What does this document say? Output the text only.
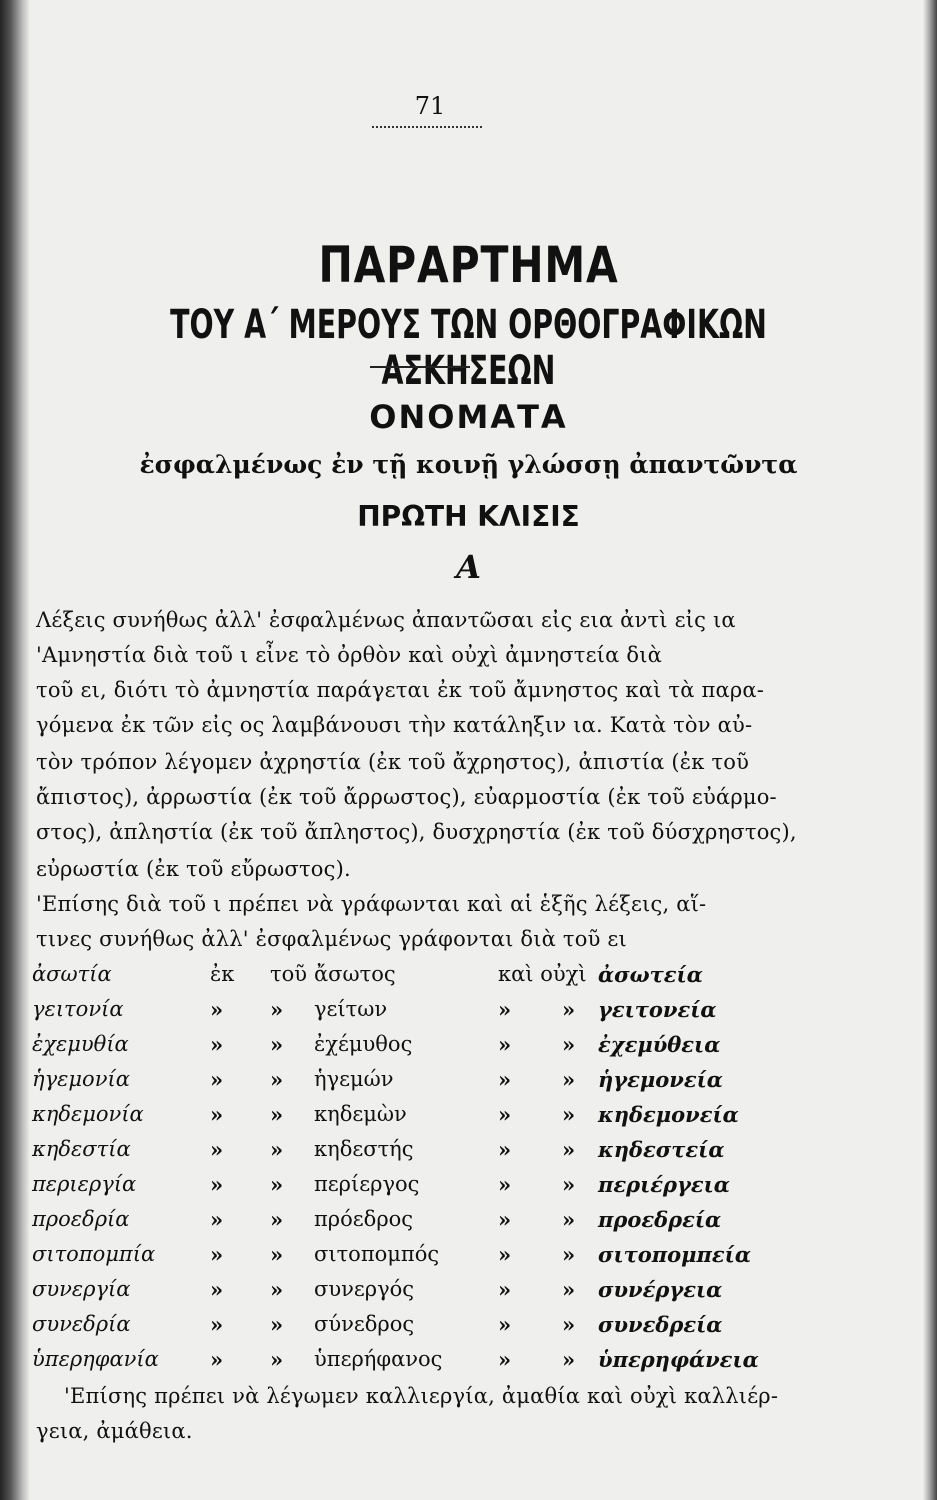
71
ΠΑΡΑΡΤΗΜΑ
ΤΟΥ Α΄ ΜΕΡΟΥΣ ΤΩΝ ΟΡΘΟΓΡΑΦΙΚΩΝ ΑΣΚΗΣΕΩΝ
ΟΝΟΜΑΤΑ
ἐσφαλμένως ἐν τῇ κοινῇ γλώσσῃ ἀπαντῶντα
ΠΡΩΤΗ ΚΛΙΣΙΣ
Α
Λέξεις συνήθως ἀλλ' ἐσφαλμένως ἀπαντῶσαι εἰς εια ἀντὶ εἰς ια
'Αμνηστία διὰ τοῦ ι εἶνε τὸ ὀρθὸν καὶ οὐχὶ ἀμνηστεία διὰ
τοῦ ει, διότι τὸ ἀμνηστία παράγεται ἐκ τοῦ ἄμνηστος καὶ τὰ παρα-
γόμενα ἐκ τῶν εἰς ος λαμβάνουσι τὴν κατάληξιν ια. Κατὰ τὸν αὐ-
τὸν τρόπον λέγομεν ἀχρηστία (ἐκ τοῦ ἄχρηστος), ἀπιστία (ἐκ τοῦ
ἄπιστος), ἀρρωστία (ἐκ τοῦ ἄρρωστος), εὐαρμοστία (ἐκ τοῦ εὐάρμο-
στος), ἀπληστία (ἐκ τοῦ ἄπληστος), δυσχρηστία (ἐκ τοῦ δύσχρηστος),
εὐρωστία (ἐκ τοῦ εὔρωστος).
'Επίσης διὰ τοῦ ι πρέπει νὰ γράφωνται καὶ αἱ ἑξῆς λέξεις, αἵ-
τινες συνήθως ἀλλ' ἐσφαλμένως γράφονται διὰ τοῦ ει
ἀσωτία	ἐκ τοῦ ἄσωτος	καὶ οὐχὶ ἀσωτεία
γειτονία	» » γείτων	» » γειτονεία
ἐχεμυθία	» » ἐχέμυθος	» » ἐχεμύθεια
ἡγεμονία	» » ἡγεμών	» » ἡγεμονεία
κηδεμονία	» » κηδεμὼν	» » κηδεμονεία
κηδεστία	» » κηδεστής	» » κηδεστεία
περιεργία	» » περίεργος	» » περιέργεια
προεδρία	» » πρόεδρος	» » προεδρεία
σιτοπομπία	» » σιτοπομπός	» » σιτοπομπεία
συνεργία	» » συνεργός	» » συνέργεια
συνεδρία	» » σύνεδρος	» » συνεδρεία
ὑπερηφανία » » ὑπερήφανος	» » ὑπερηφάνεια
'Επίσης πρέπει νὰ λέγωμεν καλλιεργία, ἀμαθία καὶ οὐχὶ καλλιέρ-
γεια, ἀμάθεια.
